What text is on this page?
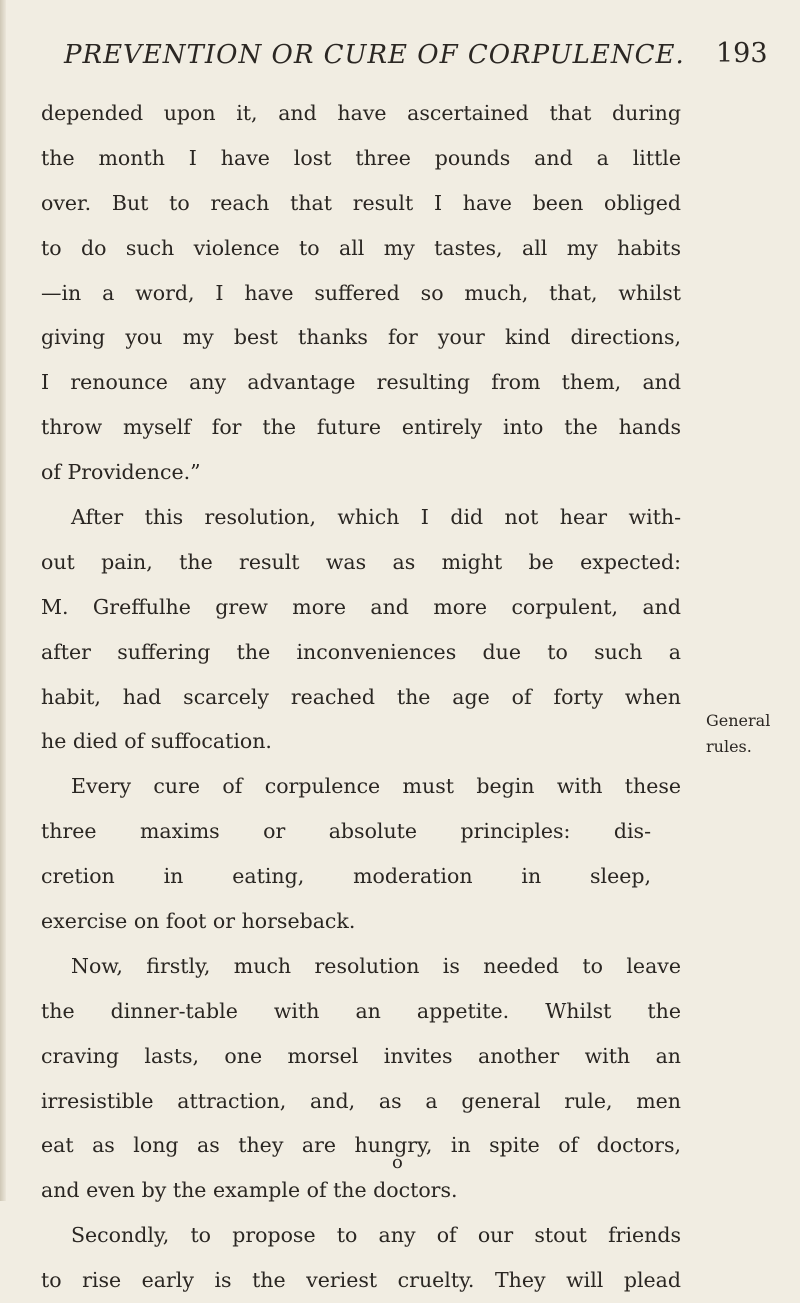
PREVENTION OR CURE OF CORPULENCE. 193
depended upon it, and have ascertained that during
the month I have lost three pounds and a little
over. But to reach that result I have been obliged
to do such violence to all my tastes, all my habits
—in a word, I have suffered so much, that, whilst
giving you my best thanks for your kind directions,
I renounce any advantage resulting from them, and
throw myself for the future entirely into the hands
of Providence.”
After this resolution, which I did not hear with-
out pain, the result was as might be expected:
M. Greffulhe grew more and more corpulent, and
after suffering the inconveniences due to such a
habit, had scarcely reached the age of forty when
he died of suffocation.
Every cure of corpulence must begin with these
three maxims or absolute principles: dis-
cretion in eating, moderation in sleep,
exercise on foot or horseback.
Now, firstly, much resolution is needed to leave
the dinner-table with an appetite. Whilst the
craving lasts, one morsel invites another with an
irresistible attraction, and, as a general rule, men
eat as long as they are hungry, in spite of doctors,
and even by the example of the doctors.
Secondly, to propose to any of our stout friends
to rise early is the veriest cruelty. They will plead
General
rules.
o
